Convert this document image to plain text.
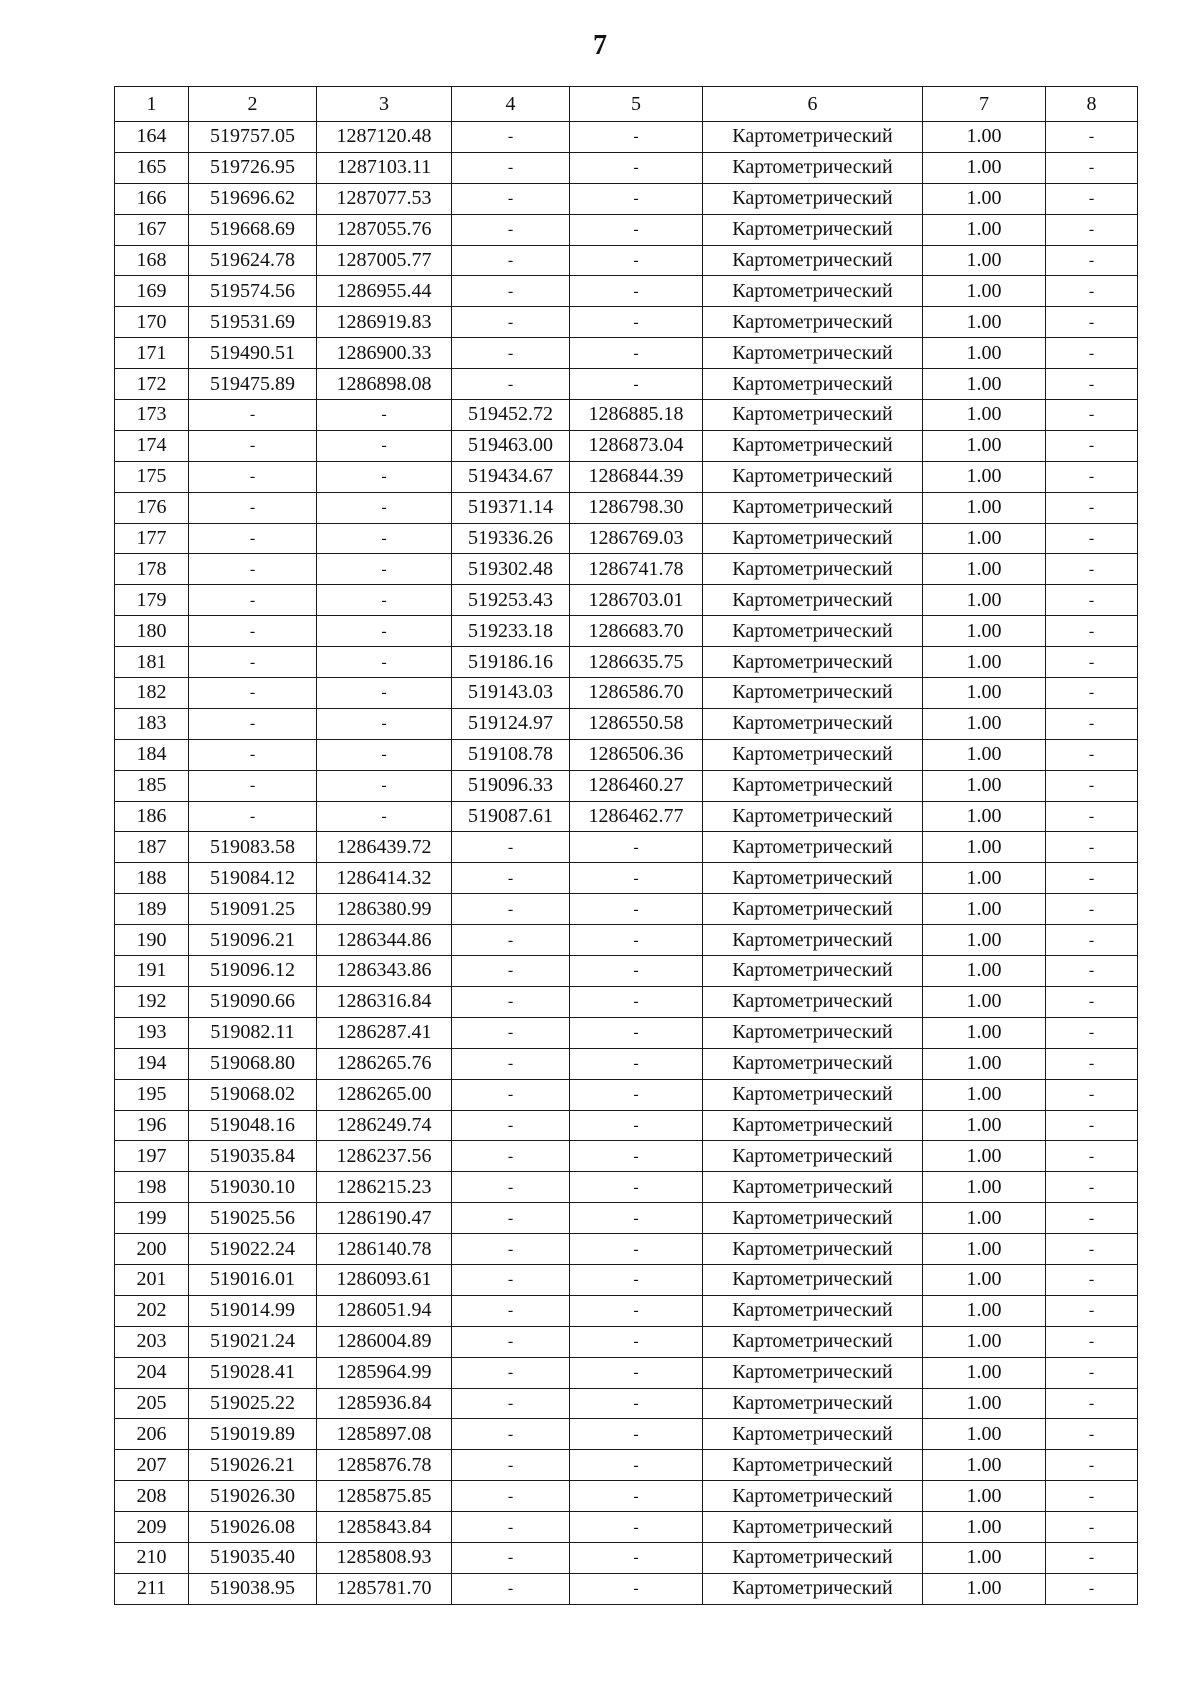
7
1	2	3	4	5	6	7	8
164	519757.05	1287120.48	-	-	Картометрический	1.00	-
165	519726.95	1287103.11	-	-	Картометрический	1.00	-
166	519696.62	1287077.53	-	-	Картометрический	1.00	-
167	519668.69	1287055.76	-	-	Картометрический	1.00	-
168	519624.78	1287005.77	-	-	Картометрический	1.00	-
169	519574.56	1286955.44	-	-	Картометрический	1.00	-
170	519531.69	1286919.83	-	-	Картометрический	1.00	-
171	519490.51	1286900.33	-	-	Картометрический	1.00	-
172	519475.89	1286898.08	-	-	Картометрический	1.00	-
173	-	-	519452.72	1286885.18	Картометрический	1.00	-
174	-	-	519463.00	1286873.04	Картометрический	1.00	-
175	-	-	519434.67	1286844.39	Картометрический	1.00	-
176	-	-	519371.14	1286798.30	Картометрический	1.00	-
177	-	-	519336.26	1286769.03	Картометрический	1.00	-
178	-	-	519302.48	1286741.78	Картометрический	1.00	-
179	-	-	519253.43	1286703.01	Картометрический	1.00	-
180	-	-	519233.18	1286683.70	Картометрический	1.00	-
181	-	-	519186.16	1286635.75	Картометрический	1.00	-
182	-	-	519143.03	1286586.70	Картометрический	1.00	-
183	-	-	519124.97	1286550.58	Картометрический	1.00	-
184	-	-	519108.78	1286506.36	Картометрический	1.00	-
185	-	-	519096.33	1286460.27	Картометрический	1.00	-
186	-	-	519087.61	1286462.77	Картометрический	1.00	-
187	519083.58	1286439.72	-	-	Картометрический	1.00	-
188	519084.12	1286414.32	-	-	Картометрический	1.00	-
189	519091.25	1286380.99	-	-	Картометрический	1.00	-
190	519096.21	1286344.86	-	-	Картометрический	1.00	-
191	519096.12	1286343.86	-	-	Картометрический	1.00	-
192	519090.66	1286316.84	-	-	Картометрический	1.00	-
193	519082.11	1286287.41	-	-	Картометрический	1.00	-
194	519068.80	1286265.76	-	-	Картометрический	1.00	-
195	519068.02	1286265.00	-	-	Картометрический	1.00	-
196	519048.16	1286249.74	-	-	Картометрический	1.00	-
197	519035.84	1286237.56	-	-	Картометрический	1.00	-
198	519030.10	1286215.23	-	-	Картометрический	1.00	-
199	519025.56	1286190.47	-	-	Картометрический	1.00	-
200	519022.24	1286140.78	-	-	Картометрический	1.00	-
201	519016.01	1286093.61	-	-	Картометрический	1.00	-
202	519014.99	1286051.94	-	-	Картометрический	1.00	-
203	519021.24	1286004.89	-	-	Картометрический	1.00	-
204	519028.41	1285964.99	-	-	Картометрический	1.00	-
205	519025.22	1285936.84	-	-	Картометрический	1.00	-
206	519019.89	1285897.08	-	-	Картометрический	1.00	-
207	519026.21	1285876.78	-	-	Картометрический	1.00	-
208	519026.30	1285875.85	-	-	Картометрический	1.00	-
209	519026.08	1285843.84	-	-	Картометрический	1.00	-
210	519035.40	1285808.93	-	-	Картометрический	1.00	-
211	519038.95	1285781.70	-	-	Картометрический	1.00	-
